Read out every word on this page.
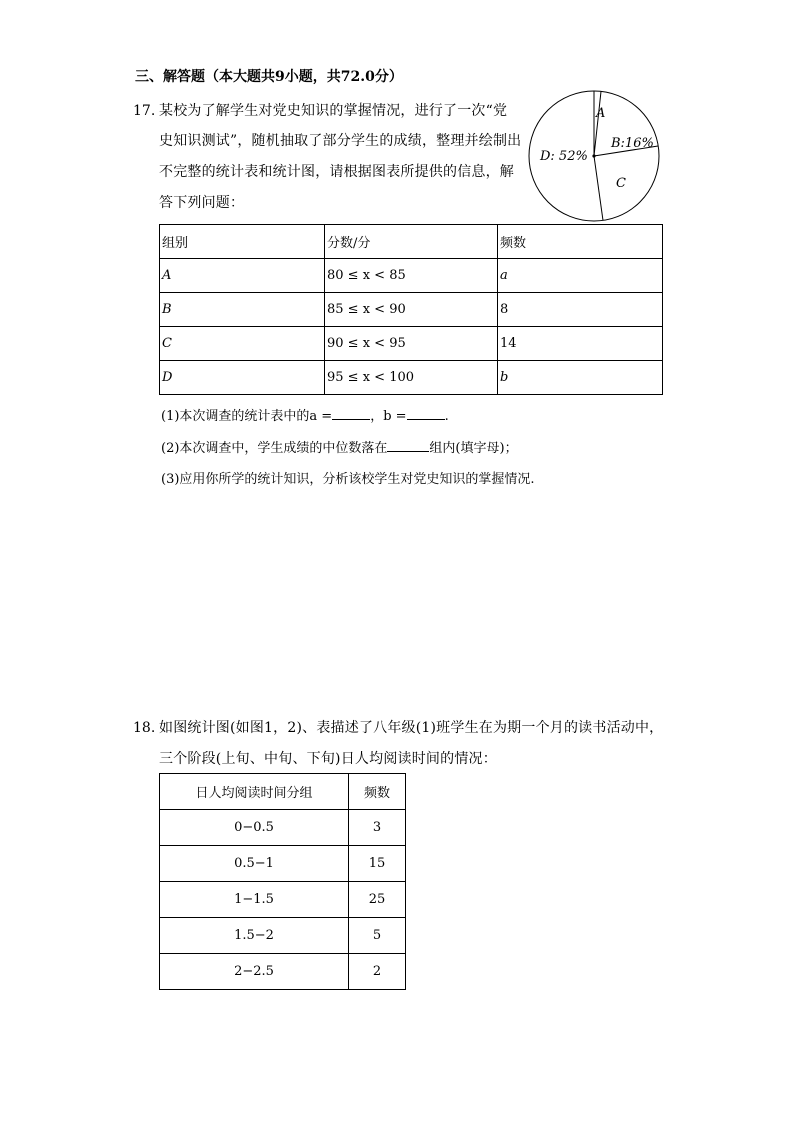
三、解答题（本大题共9小题，共72.0分）
17. 某校为了解学生对党史知识的掌握情况，进行了一次“党
史知识测试”，随机抽取了部分学生的成绩，整理并绘制出
不完整的统计表和统计图，请根据图表所提供的信息，解
答下列问题：
A
B:16%
C
D: 52%
组别	分数/分	频数
A	80 ≤ x < 85	a
B	85 ≤ x < 90	8
C	90 ≤ x < 95	14
D	95 ≤ x < 100	b
(1)本次调查的统计表中的a =	，b =	.
(2)本次调查中，学生成绩的中位数落在	组内(填字母)；
(3)应用你所学的统计知识，分析该校学生对党史知识的掌握情况.
18. 如图统计图(如图1，2)、表描述了八年级(1)班学生在为期一个月的读书活动中，
三个阶段(上旬、中旬、下旬)日人均阅读时间的情况：
日人均阅读时间分组	频数
0−0.5	3
0.5−1	15
1−1.5	25
1.5−2	5
2−2.5	2
